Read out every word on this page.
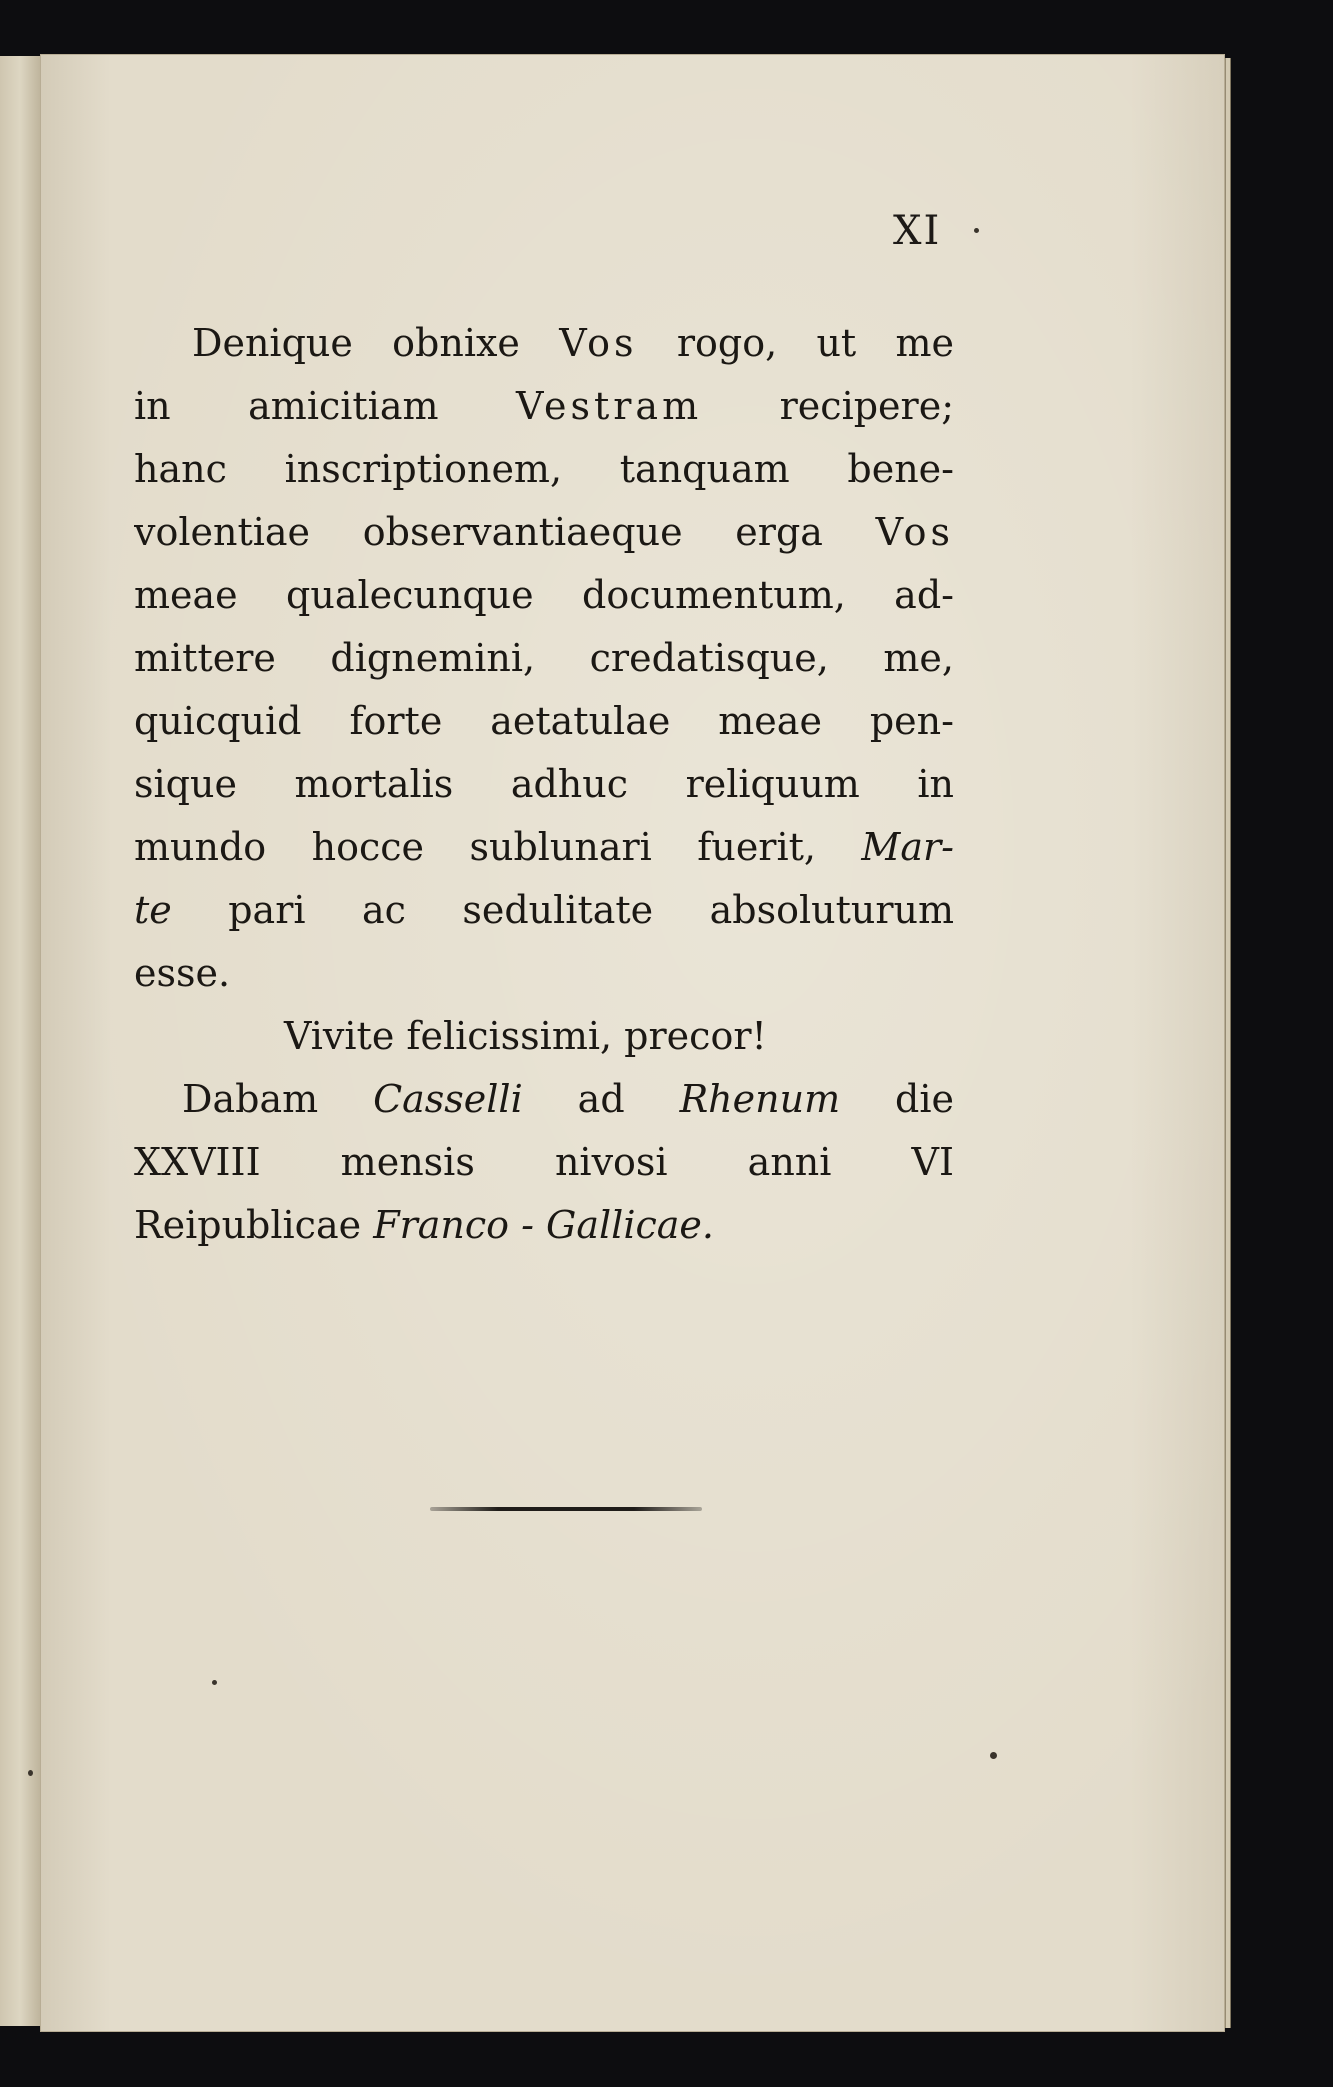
XI
Denique obnixe Vos rogo, ut me
in amicitiam Vestram recipere;
hanc inscriptionem, tanquam bene-
volentiae observantiaeque erga Vos
meae qualecunque documentum, ad-
mittere dignemini, credatisque, me,
quicquid forte aetatulae meae pen-
sique mortalis adhuc reliquum in
mundo hocce sublunari fuerit, Mar-
te pari ac sedulitate absoluturum
esse.
Vivite felicissimi, precor!
Dabam Casselli ad Rhenum die
XXVIII mensis nivosi anni VI
Reipublicae Franco - Gallicae.
